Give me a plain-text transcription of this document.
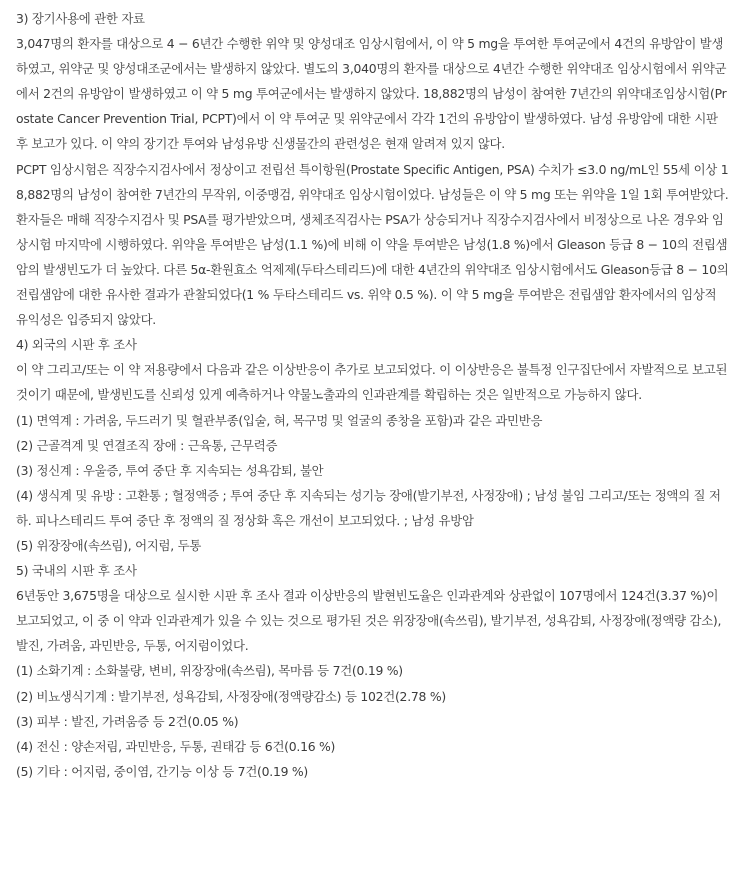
3) 장기사용에 관한 자료

3,047명의 환자를 대상으로 4 − 6년간 수행한 위약 및 양성대조 임상시험에서, 이 약 5 mg을 투여한 투여군에서 4건의 유방암이 발생하였고, 위약군 및 양성대조군에서는 발생하지 않았다. 별도의 3,040명의 환자를 대상으로 4년간 수행한 위약대조 임상시험에서 위약군에서 2건의 유방암이 발생하였고 이 약 5 mg 투여군에서는 발생하지 않았다. 18,882명의 남성이 참여한 7년간의 위약대조임상시험(Prostate Cancer Prevention Trial, PCPT)에서 이 약 투여군 및 위약군에서 각각 1건의 유방암이 발생하였다. 남성 유방암에 대한 시판 후 보고가 있다. 이 약의 장기간 투여와 남성유방 신생물간의 관련성은 현재 알려져 있지 않다.

PCPT 임상시험은 직장수지검사에서 정상이고 전립선 특이항원(Prostate Specific Antigen, PSA) 수치가 ≤3.0 ng/mL인 55세 이상 18,882명의 남성이 참여한 7년간의 무작위, 이중맹검, 위약대조 임상시험이었다. 남성들은 이 약 5 mg 또는 위약을 1일 1회 투여받았다. 환자들은 매해 직장수지검사 및 PSA를 평가받았으며, 생체조직검사는 PSA가 상승되거나 직장수지검사에서 비정상으로 나온 경우와 임상시험 마지막에 시행하였다. 위약을 투여받은 남성(1.1 %)에 비해 이 약을 투여받은 남성(1.8 %)에서 Gleason 등급 8 − 10의 전립샘암의 발생빈도가 더 높았다. 다른 5α-환원효소 억제제(두타스테리드)에 대한 4년간의 위약대조 임상시험에서도 Gleason등급 8 − 10의 전립샘암에 대한 유사한 결과가 관찰되었다(1 % 두타스테리드 vs. 위약 0.5 %). 이 약 5 mg을 투여받은 전립샘암 환자에서의 임상적 유익성은 입증되지 않았다.

4) 외국의 시판 후 조사

이 약 그리고/또는 이 약 저용량에서 다음과 같은 이상반응이 추가로 보고되었다. 이 이상반응은 불특정 인구집단에서 자발적으로 보고된 것이기 때문에, 발생빈도를 신뢰성 있게 예측하거나 약물노출과의 인과관계를 확립하는 것은 일반적으로 가능하지 않다.

(1) 면역계 : 가려움, 두드러기 및 혈관부종(입술, 혀, 목구멍 및 얼굴의 종창을 포함)과 같은 과민반응

(2) 근골격계 및 연결조직 장애 : 근육통, 근무력증

(3) 정신계 : 우울증, 투여 중단 후 지속되는 성욕감퇴, 불안

(4) 생식계 및 유방 : 고환통 ; 혈정액증 ; 투여 중단 후 지속되는 성기능 장애(발기부전, 사정장애) ; 남성 불임 그리고/또는 정액의 질 저하. 피나스테리드 투여 중단 후 정액의 질 정상화 혹은 개선이 보고되었다. ; 남성 유방암

(5) 위장장애(속쓰림), 어지럼, 두통

5) 국내의 시판 후 조사

6년동안 3,675명을 대상으로 실시한 시판 후 조사 결과 이상반응의 발현빈도율은 인과관계와 상관없이 107명에서 124건(3.37 %)이 보고되었고, 이 중 이 약과 인과관계가 있을 수 있는 것으로 평가된 것은 위장장애(속쓰림), 발기부전, 성욕감퇴, 사정장애(정액량 감소), 발진, 가려움, 과민반응, 두통, 어지럼이었다.

(1) 소화기계 : 소화불량, 변비, 위장장애(속쓰림), 목마름 등 7건(0.19 %)

(2) 비뇨생식기계 : 발기부전, 성욕감퇴, 사정장애(정액량감소) 등 102건(2.78 %)

(3) 피부 : 발진, 가려움증 등 2건(0.05 %)

(4) 전신 : 양손저림, 과민반응, 두통, 권태감 등 6건(0.16 %)

(5) 기타 : 어지럼, 중이염, 간기능 이상 등 7건(0.19 %)
